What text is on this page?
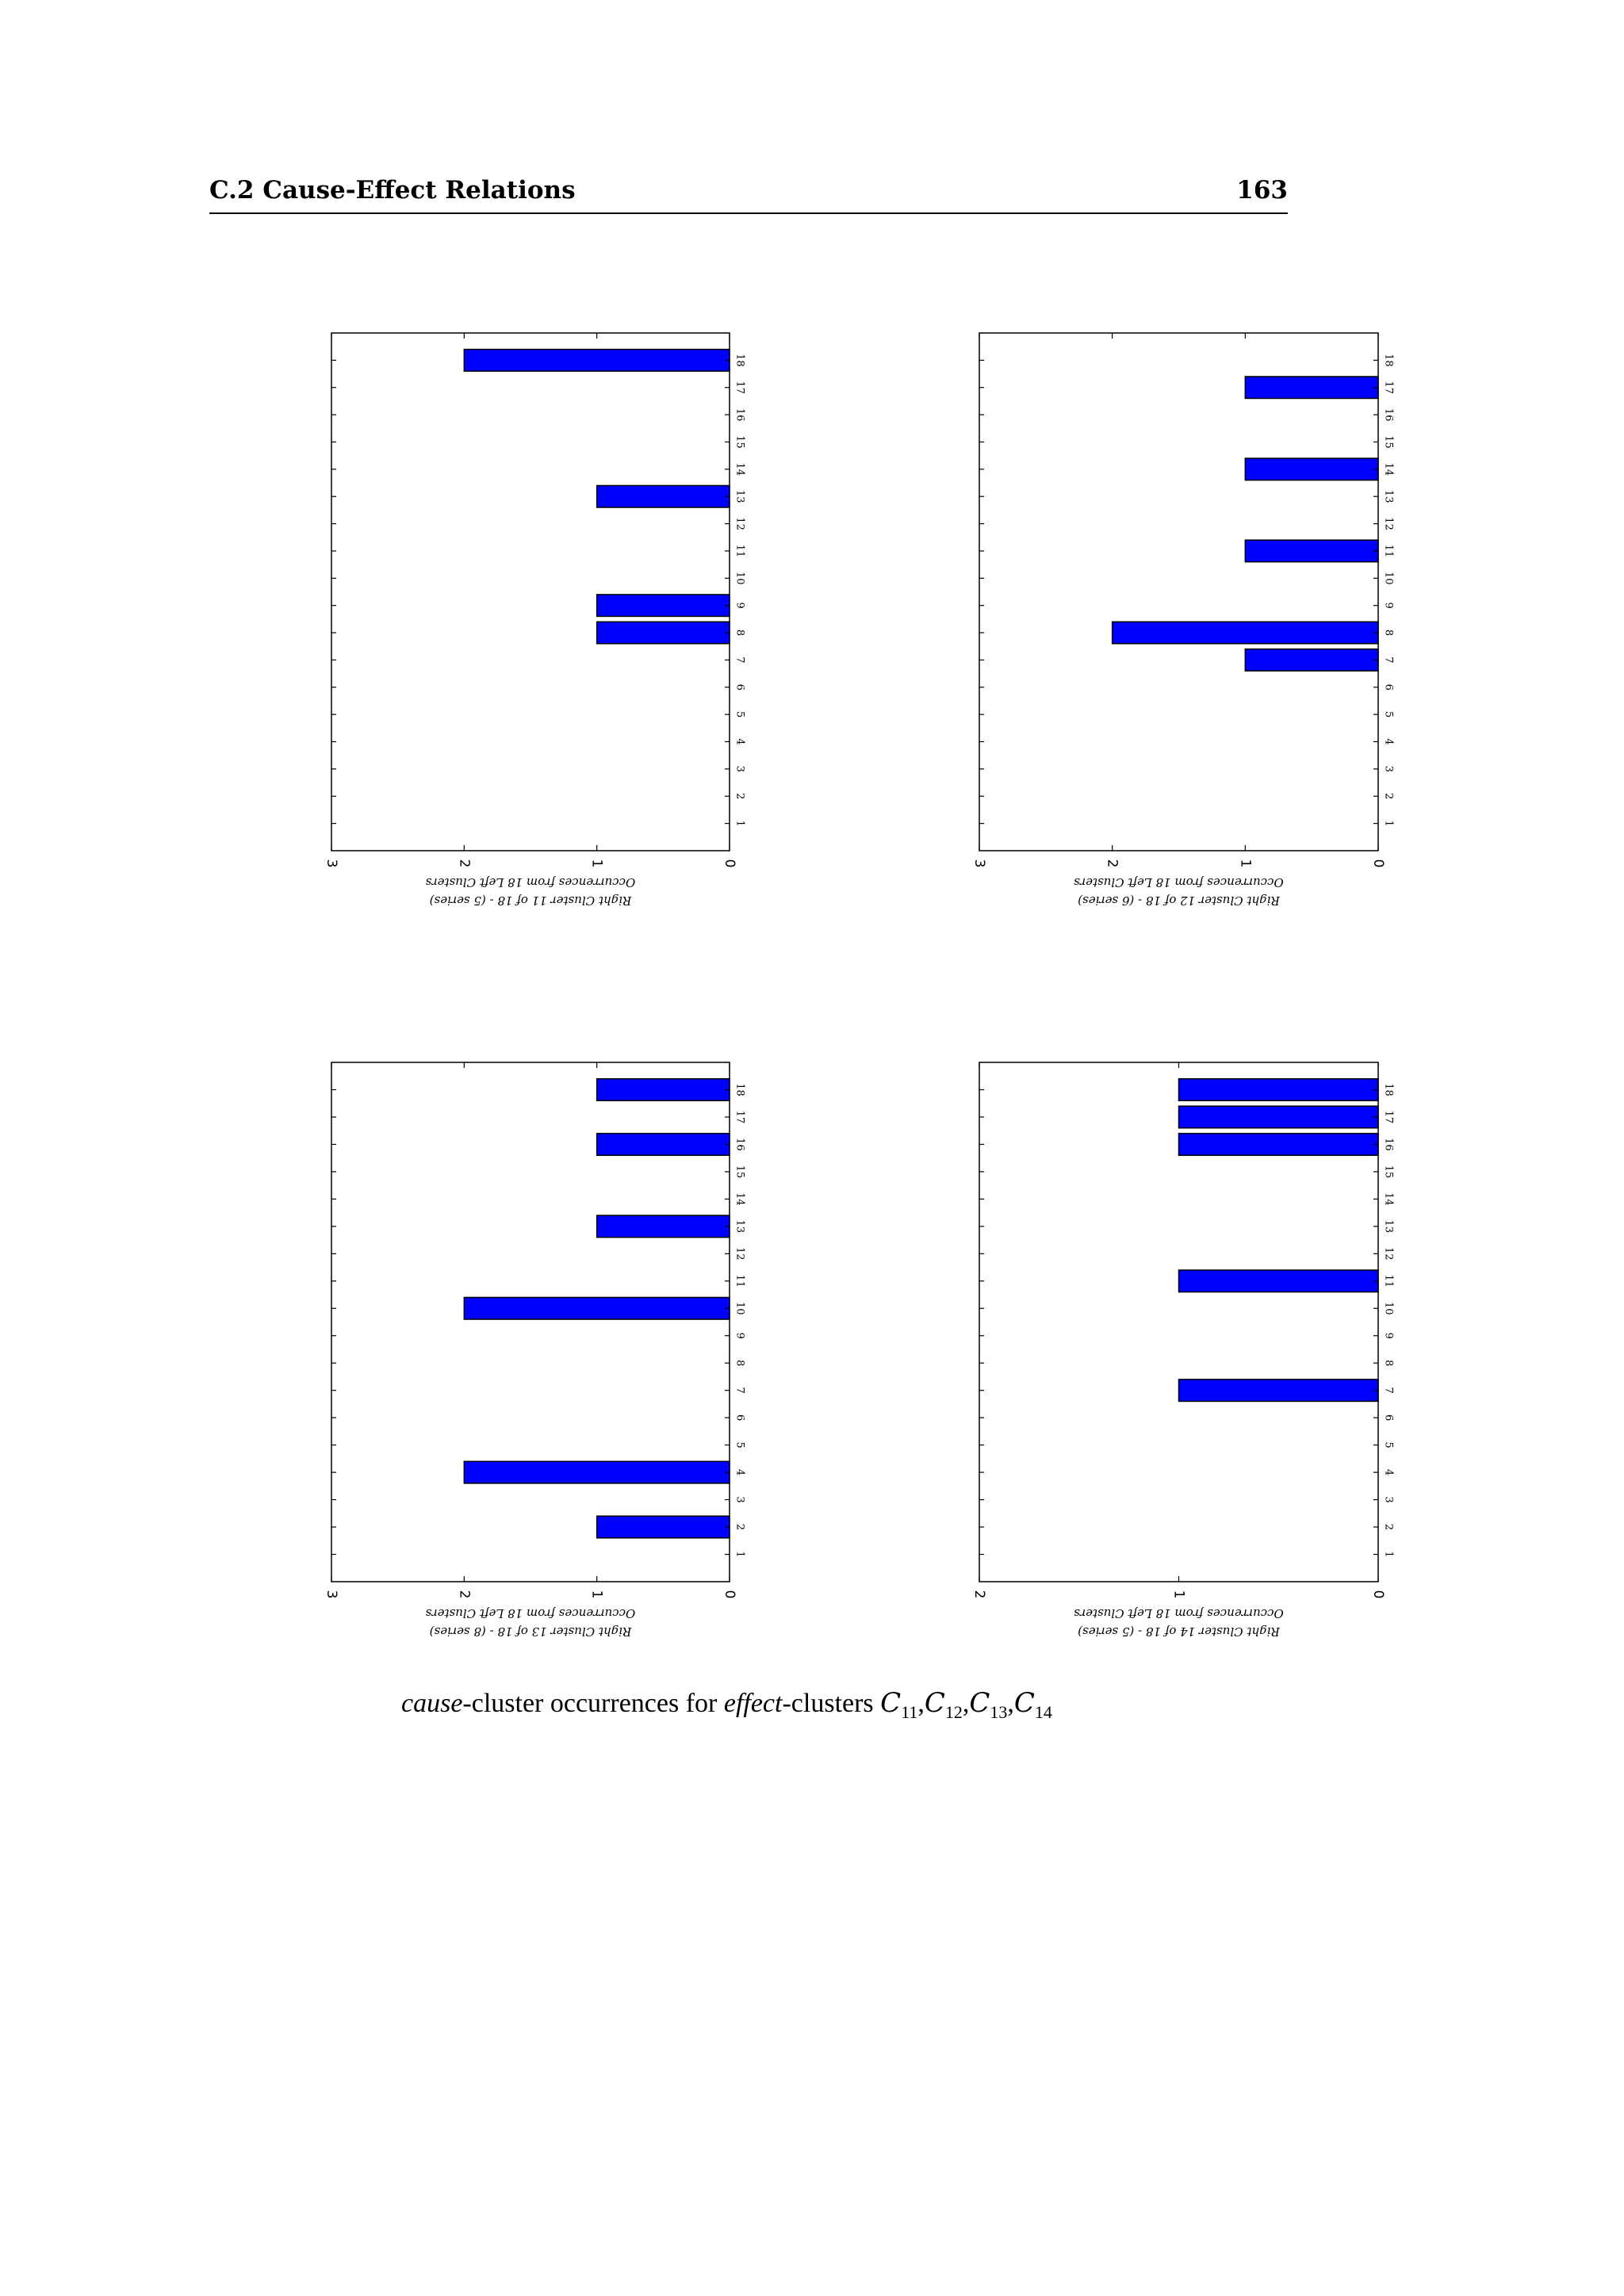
C.2 Cause-Effect Relations	163
1
2
3
4
5
6
7
8
9
10
11
12
13
14
15
16
17
18
0
1
2
3
Occurrences from 18 Left Clusters
Right Cluster 11 of 18 - (5 series)
1
2
3
4
5
6
7
8
9
10
11
12
13
14
15
16
17
18
0
1
2
3
Occurrences from 18 Left Clusters
Right Cluster 12 of 18 - (6 series)
1
2
3
4
5
6
7
8
9
10
11
12
13
14
15
16
17
18
0
1
2
3
Occurrences from 18 Left Clusters
Right Cluster 13 of 18 - (8 series)
1
2
3
4
5
6
7
8
9
10
11
12
13
14
15
16
17
18
0
1
2
Occurrences from 18 Left Clusters
Right Cluster 14 of 18 - (5 series)
cause-cluster occurrences for effect-clusters $C_{11},C_{12},C_{13},C_{14}$
